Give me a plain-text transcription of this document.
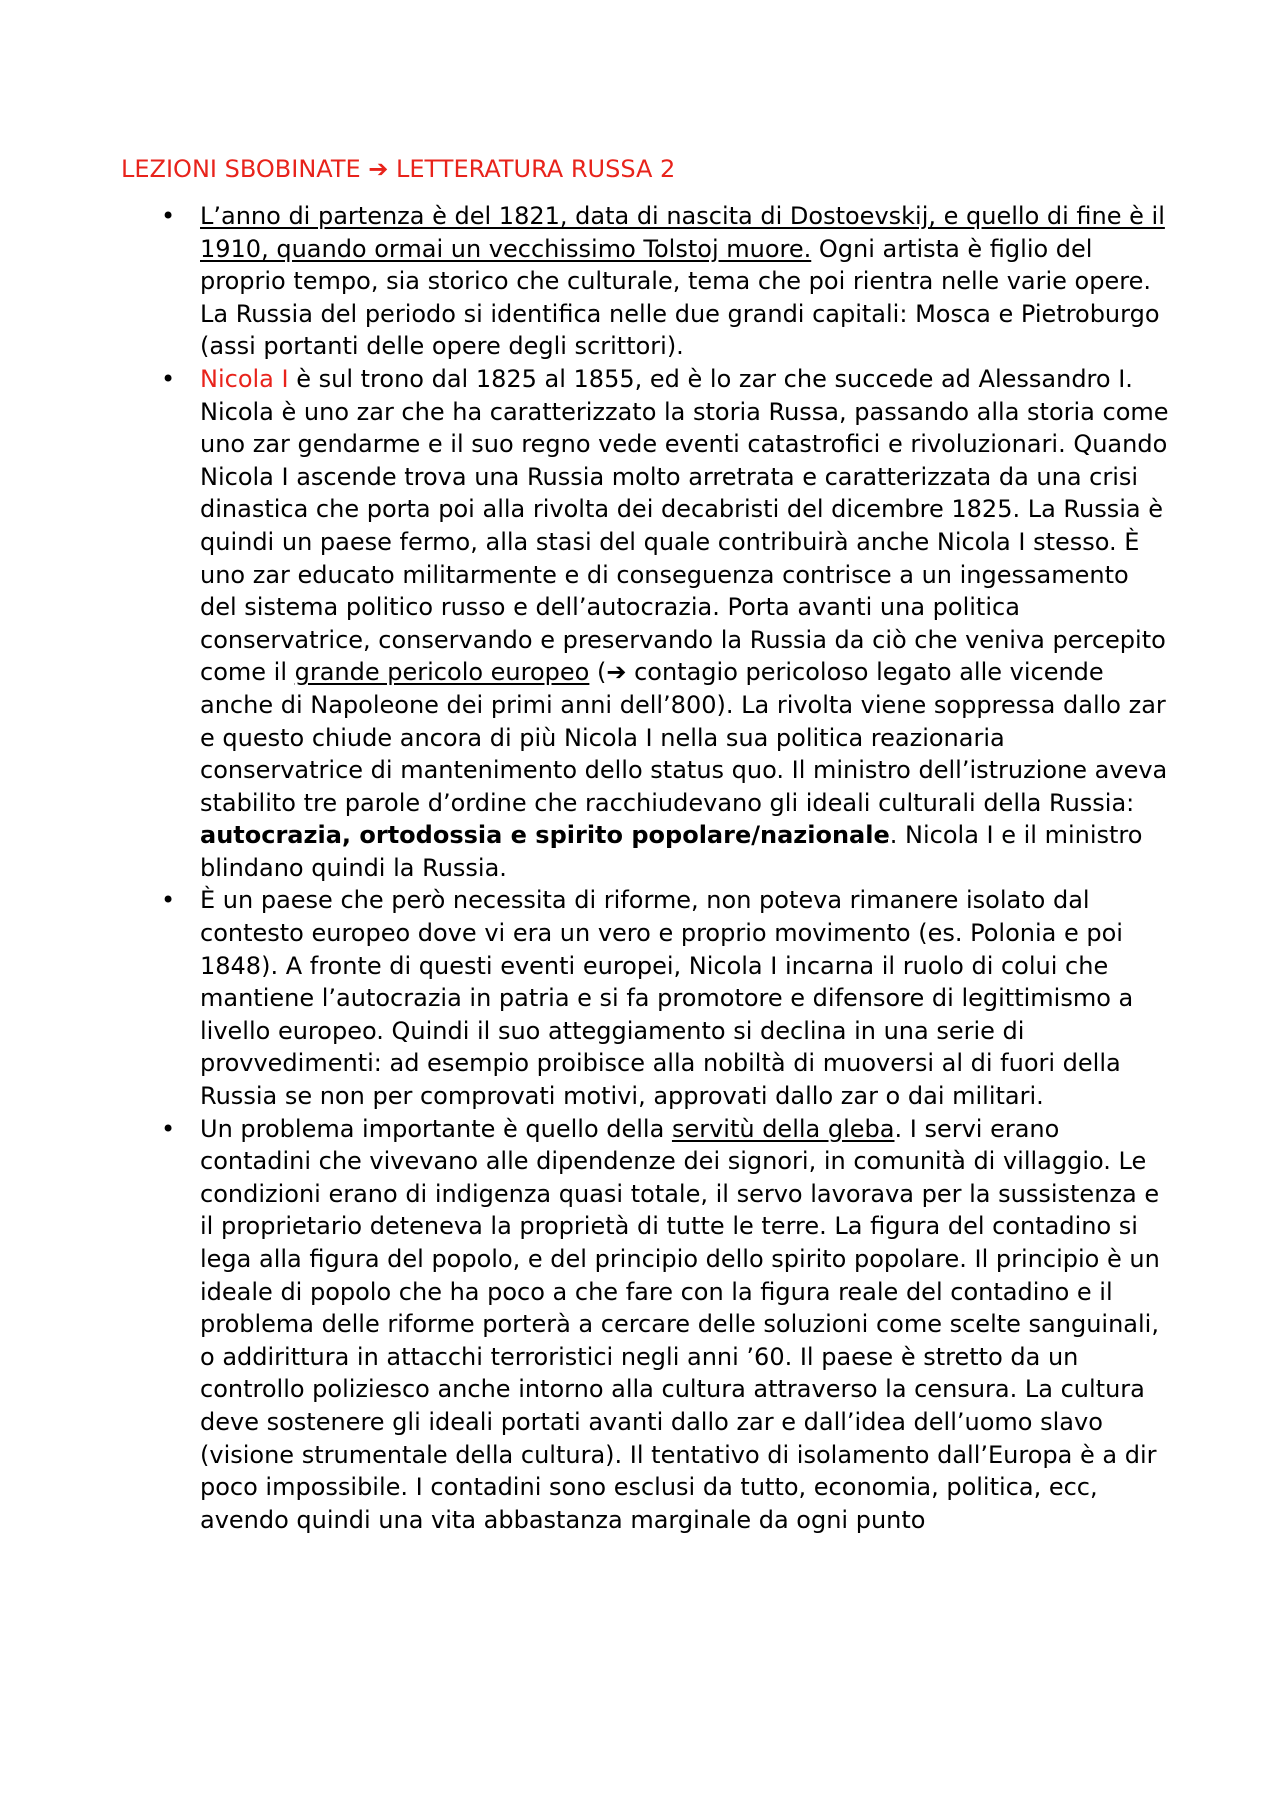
LEZIONI SBOBINATE ➔ LETTERATURA RUSSA 2
• L’anno di partenza è del 1821, data di nascita di Dostoevskij, e quello di fine è il 1910, quando ormai un vecchissimo Tolstoj muore. Ogni artista è figlio del proprio tempo, sia storico che culturale, tema che poi rientra nelle varie opere. La Russia del periodo si identifica nelle due grandi capitali: Mosca e Pietroburgo (assi portanti delle opere degli scrittori).
• Nicola I è sul trono dal 1825 al 1855, ed è lo zar che succede ad Alessandro I. Nicola è uno zar che ha caratterizzato la storia Russa, passando alla storia come uno zar gendarme e il suo regno vede eventi catastrofici e rivoluzionari. Quando Nicola I ascende trova una Russia molto arretrata e caratterizzata da una crisi dinastica che porta poi alla rivolta dei decabristi del dicembre 1825. La Russia è quindi un paese fermo, alla stasi del quale contribuirà anche Nicola I stesso. È uno zar educato militarmente e di conseguenza contrisce a un ingessamento del sistema politico russo e dell’autocrazia. Porta avanti una politica conservatrice, conservando e preservando la Russia da ciò che veniva percepito come il grande pericolo europeo (➔ contagio pericoloso legato alle vicende anche di Napoleone dei primi anni dell’800). La rivolta viene soppressa dallo zar e questo chiude ancora di più Nicola I nella sua politica reazionaria conservatrice di mantenimento dello status quo. Il ministro dell’istruzione aveva stabilito tre parole d’ordine che racchiudevano gli ideali culturali della Russia: autocrazia, ortodossia e spirito popolare/nazionale. Nicola I e il ministro blindano quindi la Russia.
• È un paese che però necessita di riforme, non poteva rimanere isolato dal contesto europeo dove vi era un vero e proprio movimento (es. Polonia e poi 1848). A fronte di questi eventi europei, Nicola I incarna il ruolo di colui che mantiene l’autocrazia in patria e si fa promotore e difensore di legittimismo a livello europeo. Quindi il suo atteggiamento si declina in una serie di provvedimenti: ad esempio proibisce alla nobiltà di muoversi al di fuori della Russia se non per comprovati motivi, approvati dallo zar o dai militari.
• Un problema importante è quello della servitù della gleba. I servi erano contadini che vivevano alle dipendenze dei signori, in comunità di villaggio. Le condizioni erano di indigenza quasi totale, il servo lavorava per la sussistenza e il proprietario deteneva la proprietà di tutte le terre. La figura del contadino si lega alla figura del popolo, e del principio dello spirito popolare. Il principio è un ideale di popolo che ha poco a che fare con la figura reale del contadino e il problema delle riforme porterà a cercare delle soluzioni come scelte sanguinali, o addirittura in attacchi terroristici negli anni ’60. Il paese è stretto da un controllo poliziesco anche intorno alla cultura attraverso la censura. La cultura deve sostenere gli ideali portati avanti dallo zar e dall’idea dell’uomo slavo (visione strumentale della cultura). Il tentativo di isolamento dall’Europa è a dir poco impossibile. I contadini sono esclusi da tutto, economia, politica, ecc, avendo quindi una vita abbastanza marginale da ogni punto
